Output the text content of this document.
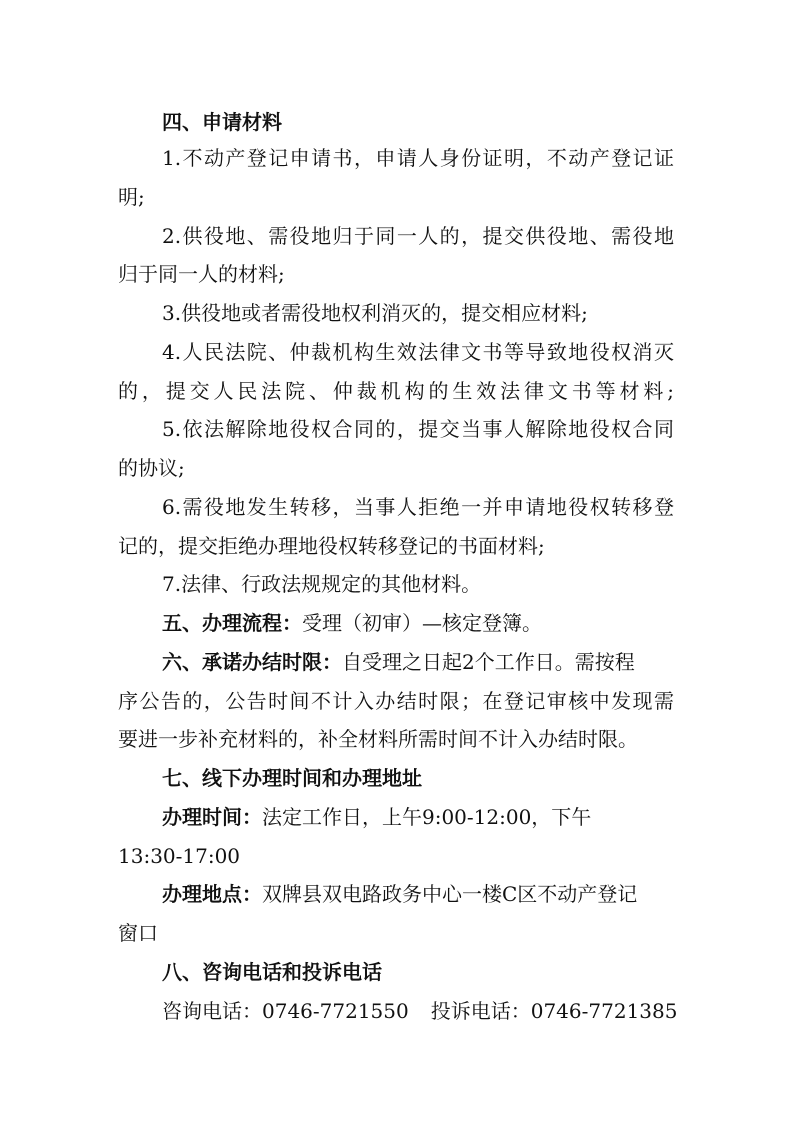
四、申请材料
1.不动产登记申请书，申请人身份证明，不动产登记证
明;
2.供役地、需役地归于同一人的，提交供役地、需役地
归于同一人的材料;
3.供役地或者需役地权利消灭的，提交相应材料;
4.人民法院、仲裁机构生效法律文书等导致地役权消灭
的，提交人民法院、仲裁机构的生效法律文书等材料;
5.依法解除地役权合同的，提交当事人解除地役权合同
的协议;
6.需役地发生转移，当事人拒绝一并申请地役权转移登
记的，提交拒绝办理地役权转移登记的书面材料;
7.法律、行政法规规定的其他材料。
五、办理流程：受理（初审）—核定登簿。
六、承诺办结时限：自受理之日起2个工作日。需按程
序公告的，公告时间不计入办结时限；在登记审核中发现需
要进一步补充材料的，补全材料所需时间不计入办结时限。
七、线下办理时间和办理地址
办理时间：法定工作日，上午9:00-12:00，下午
13:30-17:00
办理地点：双牌县双电路政务中心一楼C区不动产登记
窗口
八、咨询电话和投诉电话
咨询电话：0746-7721550 投诉电话：0746-7721385
